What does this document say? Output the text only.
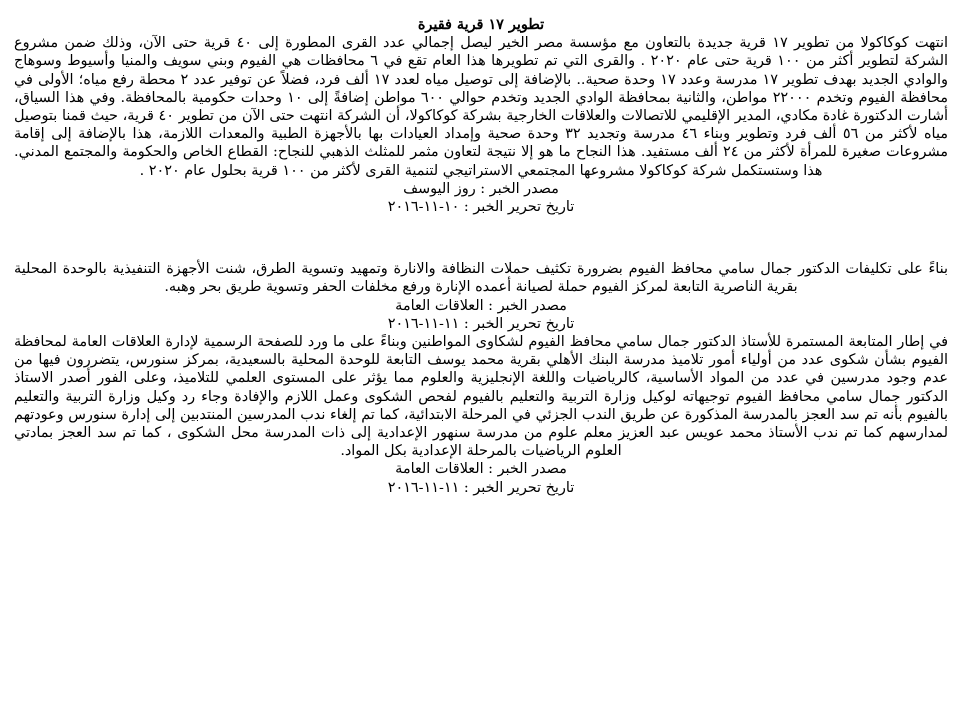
تطوير ١٧ قرية فقيرة

انتهت كوكاكولا من تطوير ١٧ قرية جديدة بالتعاون مع مؤسسة مصر الخير ليصل إجمالي عدد القرى المطورة إلى ٤٠ قرية حتى الآن، وذلك ضمن مشروع الشركة لتطوير أكثر من ١٠٠ قرية حتى عام ٢٠٢٠ . والقرى التي تم تطويرها هذا العام تقع في ٦ محافظات هي الفيوم وبني سويف والمنيا وأسيوط وسوهاج والوادي الجديد بهدف تطوير ١٧ مدرسة وعدد ١٧ وحدة صحية.. بالإضافة إلى توصيل مياه لعدد ١٧ ألف فرد، فضلاً عن توفير عدد ٢ محطة رفع مياه؛ الأولى في محافظة الفيوم وتخدم ٢٢٠٠٠ مواطن، والثانية بمحافظة الوادي الجديد وتخدم حوالي ٦٠٠ مواطن إضافةً إلى ١٠ وحدات حكومية بالمحافظة. وفي هذا السياق، أشارت الدكتورة غادة مكادي، المدير الإقليمي للاتصالات والعلاقات الخارجية بشركة كوكاكولا، أن الشركة انتهت حتى الآن من تطوير ٤٠ قرية، حيث قمنا بتوصيل مياه لأكثر من ٥٦ ألف فرد وتطوير وبناء ٤٦ مدرسة وتجديد ٣٢ وحدة صحية وإمداد العيادات بها بالأجهزة الطبية والمعدات اللازمة، هذا بالإضافة إلى إقامة مشروعات صغيرة للمرأة لأكثر من ٢٤ ألف مستفيد. هذا النجاح ما هو إلا نتيجة لتعاون مثمر للمثلث الذهبي للنجاح: القطاع الخاص والحكومة والمجتمع المدني. هذا وستستكمل شركة كوكاكولا مشروعها المجتمعي الاستراتيجي لتنمية القرى لأكثر من ١٠٠ قرية بحلول عام ٢٠٢٠ .

مصدر الخبر : روز اليوسف

تاريخ تحرير الخبر : ١٠-١١-٢٠١٦

بناءً على تكليفات الدكتور جمال سامي محافظ الفيوم بضرورة تكثيف حملات النظافة والانارة وتمهيد وتسوية الطرق، شنت الأجهزة التنفيذية بالوحدة المحلية بقرية الناصرية التابعة لمركز الفيوم حملة لصيانة أعمده الإنارة ورفع مخلفات الحفر وتسوية طريق بحر وهبه.

مصدر الخبر : العلاقات العامة

تاريخ تحرير الخبر : ١١-١١-٢٠١٦

في إطار المتابعة المستمرة للأستاذ الدكتور جمال سامي محافظ الفيوم لشكاوى المواطنين وبناءً على ما ورد للصفحة الرسمية لإدارة العلاقات العامة لمحافظة الفيوم بشأن شكوى عدد من أولياء أمور تلاميذ مدرسة البنك الأهلي بقرية محمد يوسف التابعة للوحدة المحلية بالسعيدية، بمركز سنورس، يتضررون فيها من عدم وجود مدرسين في عدد من المواد الأساسية، كالرياضيات واللغة الإنجليزية والعلوم مما يؤثر على المستوى العلمي للتلاميذ، وعلى الفور أصدر الاستاذ الدكتور جمال سامي محافظ الفيوم توجيهاته لوكيل وزارة التربية والتعليم بالفيوم لفحص الشكوى وعمل اللازم والإفادة وجاء رد وكيل وزارة التربية والتعليم بالفيوم بأنه تم سد العجز بالمدرسة المذكورة عن طريق الندب الجزئي في المرحلة الابتدائية، كما تم إلغاء ندب المدرسين المنتدبين إلى إدارة سنورس وعودتهم لمدارسهم كما تم ندب الأستاذ محمد عويس عبد العزيز معلم علوم من مدرسة سنهور الإعدادية إلى ذات المدرسة محل الشكوى ، كما تم سد العجز بمادتي العلوم الرياضيات بالمرحلة الإعدادية بكل المواد.

مصدر الخبر : العلاقات العامة

تاريخ تحرير الخبر : ١١-١١-٢٠١٦
